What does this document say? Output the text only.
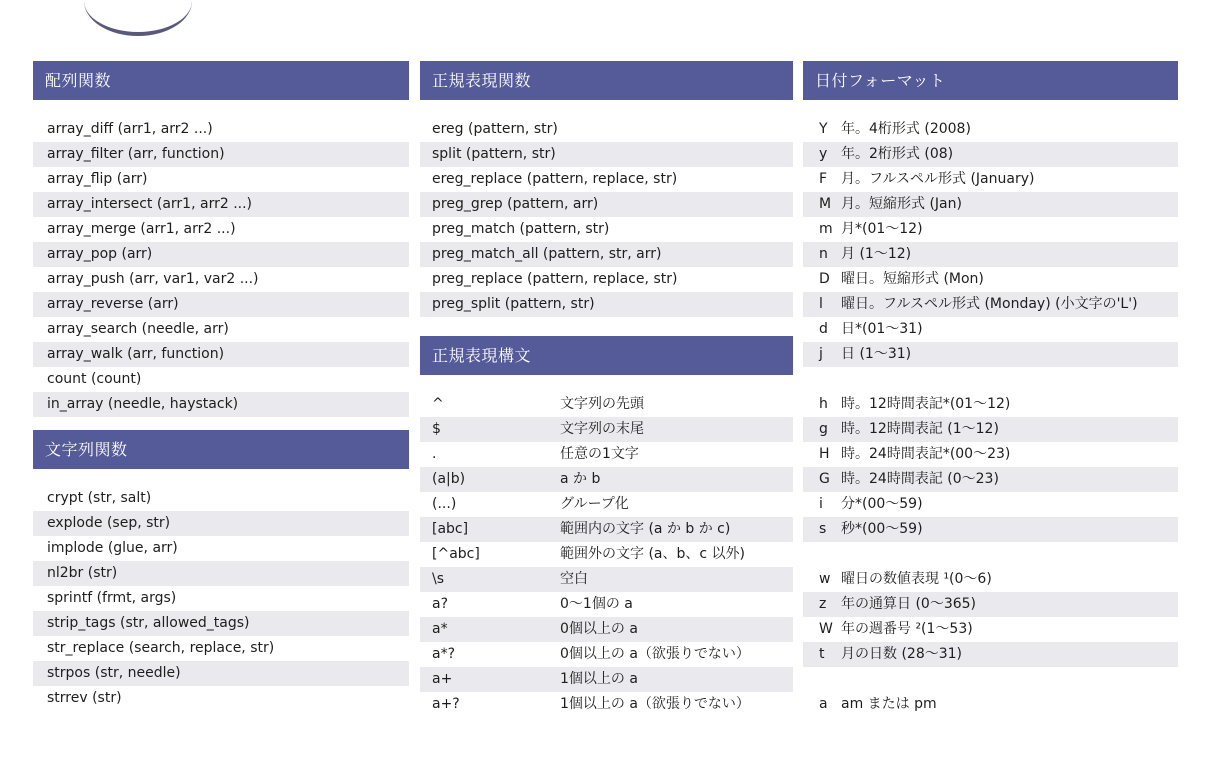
配列関数
array_diff (arr1, arr2 ...)
array_filter (arr, function)
array_flip (arr)
array_intersect (arr1, arr2 ...)
array_merge (arr1, arr2 ...)
array_pop (arr)
array_push (arr, var1, var2 ...)
array_reverse (arr)
array_search (needle, arr)
array_walk (arr, function)
count (count)
in_array (needle, haystack)
文字列関数
crypt (str, salt)
explode (sep, str)
implode (glue, arr)
nl2br (str)
sprintf (frmt, args)
strip_tags (str, allowed_tags)
str_replace (search, replace, str)
strpos (str, needle)
strrev (str)
正規表現関数
ereg (pattern, str)
split (pattern, str)
ereg_replace (pattern, replace, str)
preg_grep (pattern, arr)
preg_match (pattern, str)
preg_match_all (pattern, str, arr)
preg_replace (pattern, replace, str)
preg_split (pattern, str)
正規表現構文
^	文字列の先頭
$	文字列の末尾
.	任意の1文字
(a|b)	a か b
(...)	グループ化
[abc]	範囲内の文字 (a か b か c)
[^abc]	範囲外の文字 (a、b、c 以外)
\s	空白
a?	0〜1個の a
a*	0個以上の a
a*?	0個以上の a（欲張りでない）
a+	1個以上の a
a+?	1個以上の a（欲張りでない）
日付フォーマット
Y 年。4桁形式 (2008)
y 年。2桁形式 (08)
F 月。フルスペル形式 (January)
M 月。短縮形式 (Jan)
m 月*(01〜12)
n 月 (1〜12)
D 曜日。短縮形式 (Mon)
l 曜日。フルスペル形式 (Monday) (小文字の'L')
d 日*(01〜31)
j 日 (1〜31)
h 時。12時間表記*(01〜12)
g 時。12時間表記 (1〜12)
H 時。24時間表記*(00〜23)
G 時。24時間表記 (0〜23)
i 分*(00〜59)
s 秒*(00〜59)
w 曜日の数値表現 ¹(0〜6)
z 年の通算日 (0〜365)
W 年の週番号 ²(1〜53)
t 月の日数 (28〜31)
a am または pm
